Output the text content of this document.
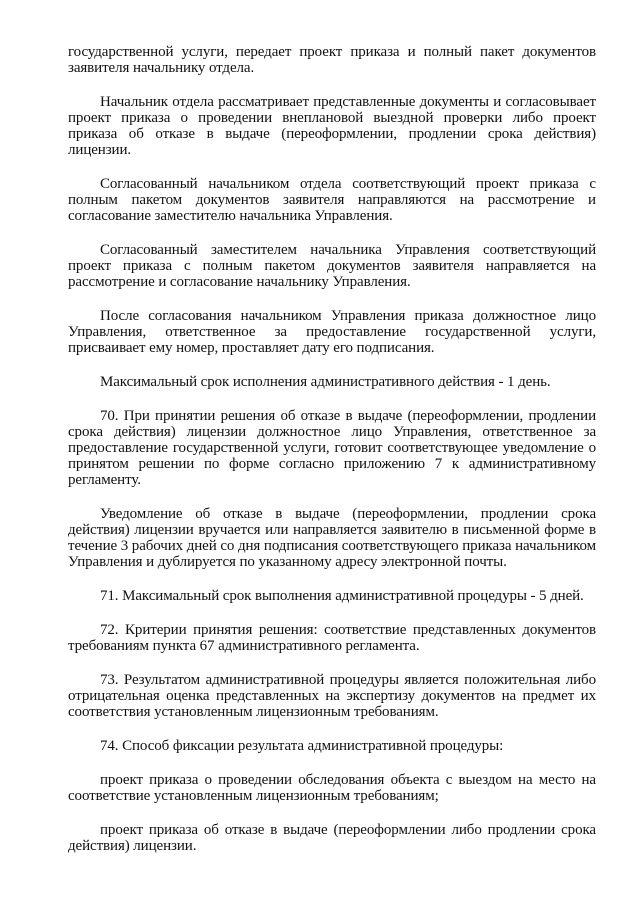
государственной услуги, передает проект приказа и полный пакет документов заявителя начальнику отдела.

Начальник отдела рассматривает представленные документы и согласовывает проект приказа о проведении внеплановой выездной проверки либо проект приказа об отказе в выдаче (переоформлении, продлении срока действия) лицензии.

Согласованный начальником отдела соответствующий проект приказа с полным пакетом документов заявителя направляются на рассмотрение и согласование заместителю начальника Управления.

Согласованный заместителем начальника Управления соответствующий проект приказа с полным пакетом документов заявителя направляется на рассмотрение и согласование начальнику Управления.

После согласования начальником Управления приказа должностное лицо Управления, ответственное за предоставление государственной услуги, присваивает ему номер, проставляет дату его подписания.

Максимальный срок исполнения административного действия - 1 день.

70. При принятии решения об отказе в выдаче (переоформлении, продлении срока действия) лицензии должностное лицо Управления, ответственное за предоставление государственной услуги, готовит соответствующее уведомление о принятом решении по форме согласно приложению 7 к административному регламенту.

Уведомление об отказе в выдаче (переоформлении, продлении срока действия) лицензии вручается или направляется заявителю в письменной форме в течение 3 рабочих дней со дня подписания соответствующего приказа начальником Управления и дублируется по указанному адресу электронной почты.

71. Максимальный срок выполнения административной процедуры - 5 дней.

72. Критерии принятия решения: соответствие представленных документов требованиям пункта 67 административного регламента.

73. Результатом административной процедуры является положительная либо отрицательная оценка представленных на экспертизу документов на предмет их соответствия установленным лицензионным требованиям.

74. Способ фиксации результата административной процедуры:

проект приказа о проведении обследования объекта с выездом на место на соответствие установленным лицензионным требованиям;

проект приказа об отказе в выдаче (переоформлении либо продлении срока действия) лицензии.
